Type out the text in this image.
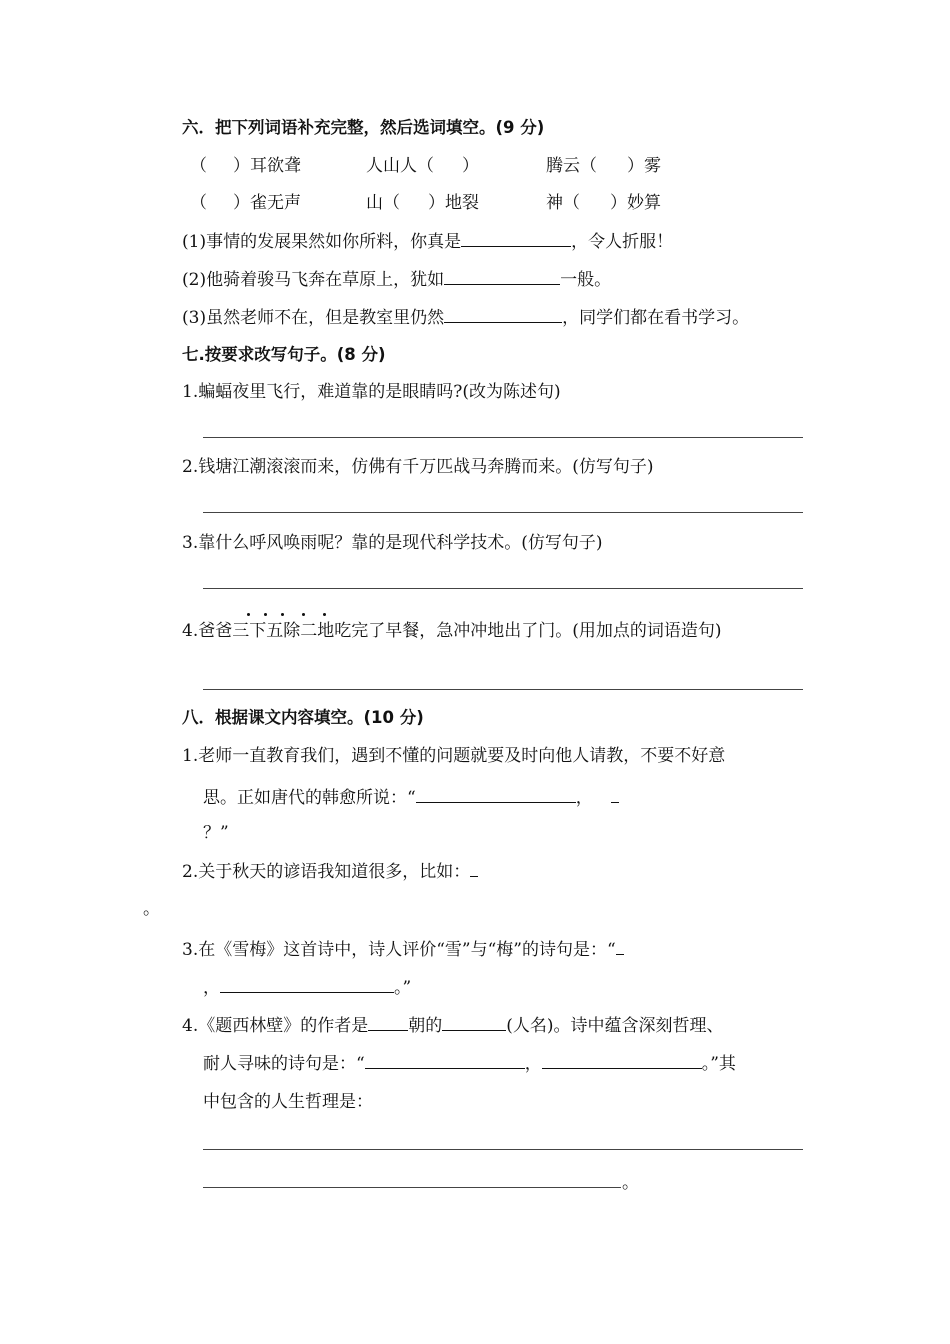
六．把下列词语补充完整，然后选词填空。(9 分)
（ ）耳欲聋	人山人（ ）	腾云（ ）雾
（ ）雀无声	山（ ）地裂	神（ ）妙算
(1)事情的发展果然如你所料，你真是	，令人折服！
(2)他骑着骏马飞奔在草原上，犹如	一般。
(3)虽然老师不在，但是教室里仍然	，同学们都在看书学习。
七.按要求改写句子。(8 分)
1.蝙蝠夜里飞行，难道靠的是眼睛吗?(改为陈述句)
2.钱塘江潮滚滚而来，仿佛有千万匹战马奔腾而来。(仿写句子)
3.靠什么呼风唤雨呢？靠的是现代科学技术。(仿写句子)
4.爸爸三下五除二地吃完了早餐，急冲冲地出了门。(用加点的词语造句)
八．根据课文内容填空。(10 分)
1.老师一直教育我们，遇到不懂的问题就要及时向他人请教，不要不好意
思。正如唐代的韩愈所说：“	，
？”
2.关于秋天的谚语我知道很多，比如：
。
3.在《雪梅》这首诗中，诗人评价“雪”与“梅”的诗句是：“
，	。”
4.《题西林壁》的作者是 朝的	(人名)。诗中蕴含深刻哲理、
耐人寻味的诗句是：“	，	。”其
中包含的人生哲理是：
。
